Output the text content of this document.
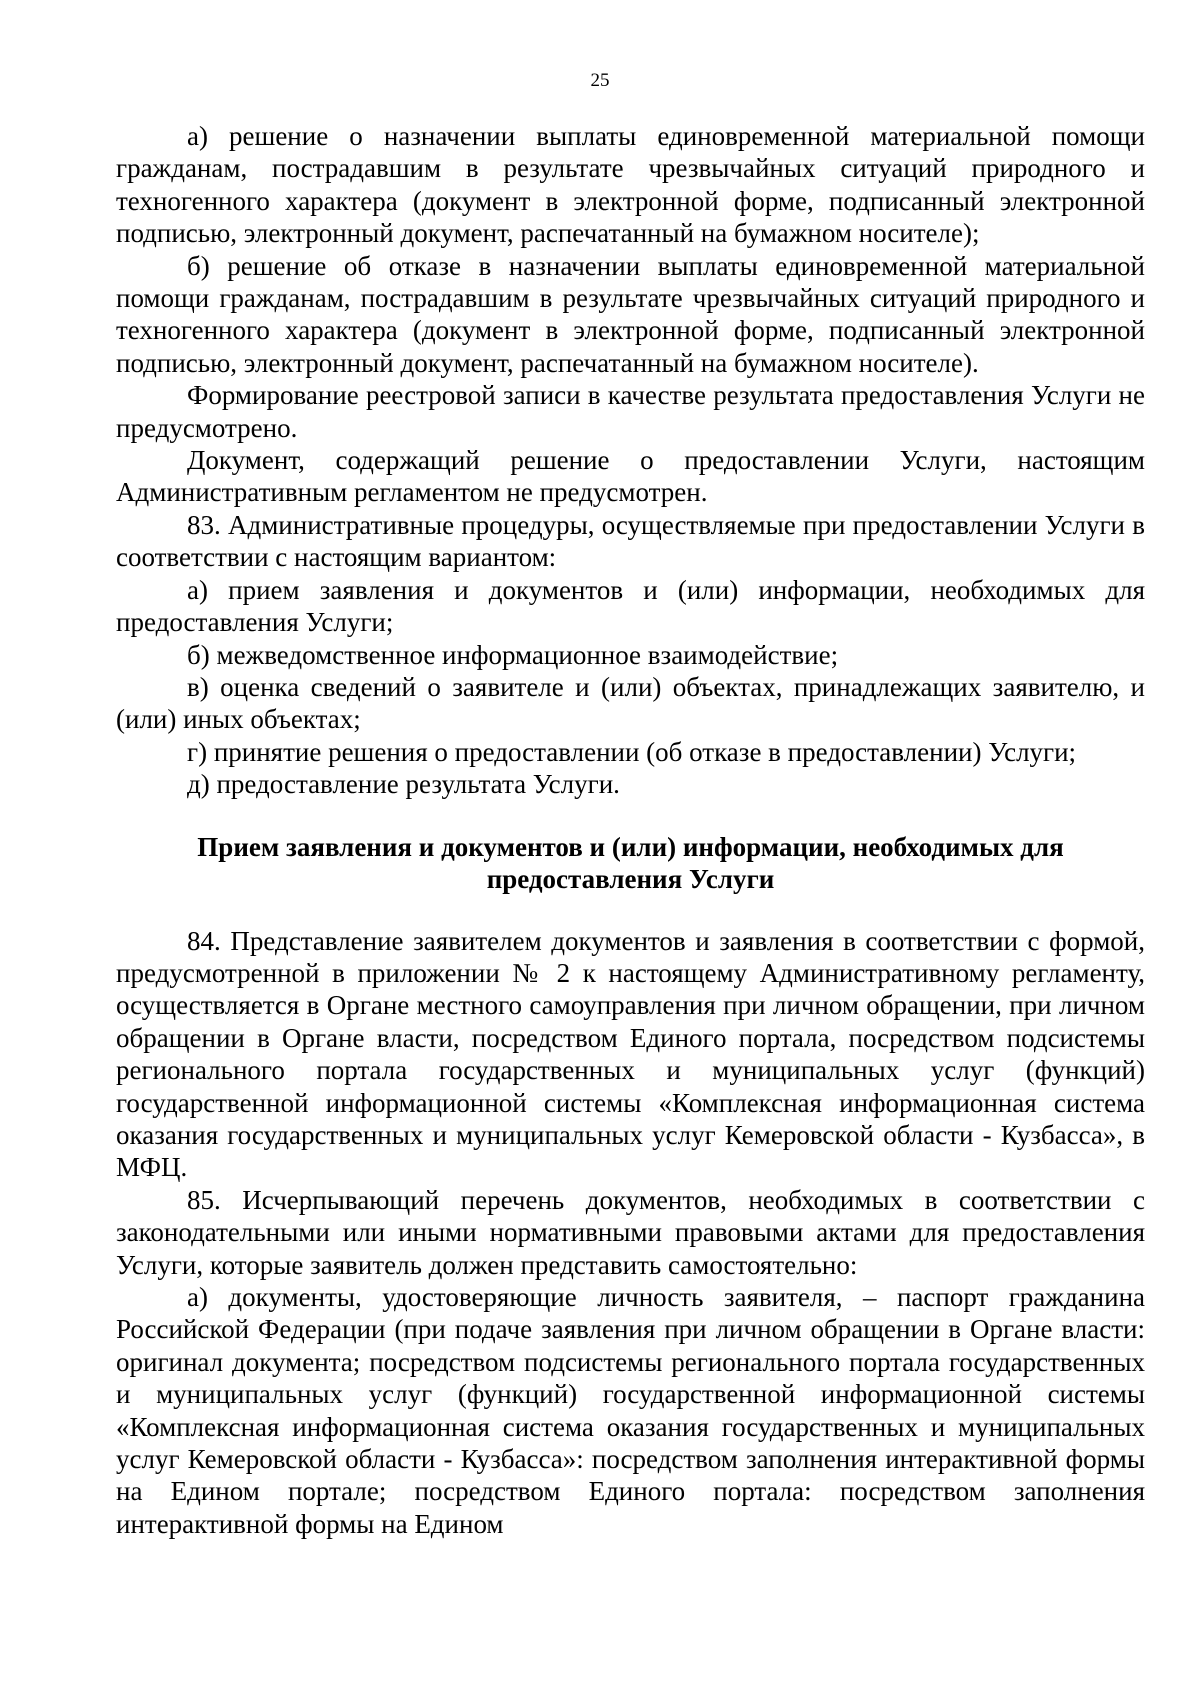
25

а) решение о назначении выплаты единовременной материальной помощи гражданам, пострадавшим в результате чрезвычайных ситуаций природного и техногенного характера (документ в электронной форме, подписанный электронной подписью, электронный документ, распечатанный на бумажном носителе);

б) решение об отказе в назначении выплаты единовременной материальной помощи гражданам, пострадавшим в результате чрезвычайных ситуаций природного и техногенного характера (документ в электронной форме, подписанный электронной подписью, электронный документ, распечатанный на бумажном носителе).

Формирование реестровой записи в качестве результата предоставления Услуги не предусмотрено.

Документ, содержащий решение о предоставлении Услуги, настоящим Административным регламентом не предусмотрен.

83. Административные процедуры, осуществляемые при предоставлении Услуги в соответствии с настоящим вариантом:

а) прием заявления и документов и (или) информации, необходимых для предоставления Услуги;

б) межведомственное информационное взаимодействие;

в) оценка сведений о заявителе и (или) объектах, принадлежащих заявителю, и (или) иных объектах;

г) принятие решения о предоставлении (об отказе в предоставлении) Услуги;

д) предоставление результата Услуги.

Прием заявления и документов и (или) информации, необходимых для предоставления Услуги

84. Представление заявителем документов и заявления в соответствии с формой, предусмотренной в приложении № 2 к настоящему Административному регламенту, осуществляется в Органе местного самоуправления при личном обращении, при личном обращении в Органе власти, посредством Единого портала, посредством подсистемы регионального портала государственных и муниципальных услуг (функций) государственной информационной системы «Комплексная информационная система оказания государственных и муниципальных услуг Кемеровской области - Кузбасса», в МФЦ.

85. Исчерпывающий перечень документов, необходимых в соответствии с законодательными или иными нормативными правовыми актами для предоставления Услуги, которые заявитель должен представить самостоятельно:

а) документы, удостоверяющие личность заявителя, – паспорт гражданина Российской Федерации (при подаче заявления при личном обращении в Органе власти: оригинал документа; посредством подсистемы регионального портала государственных и муниципальных услуг (функций) государственной информационной системы «Комплексная информационная система оказания государственных и муниципальных услуг Кемеровской области - Кузбасса»: посредством заполнения интерактивной формы на Едином портале; посредством Единого портала: посредством заполнения интерактивной формы на Едином
